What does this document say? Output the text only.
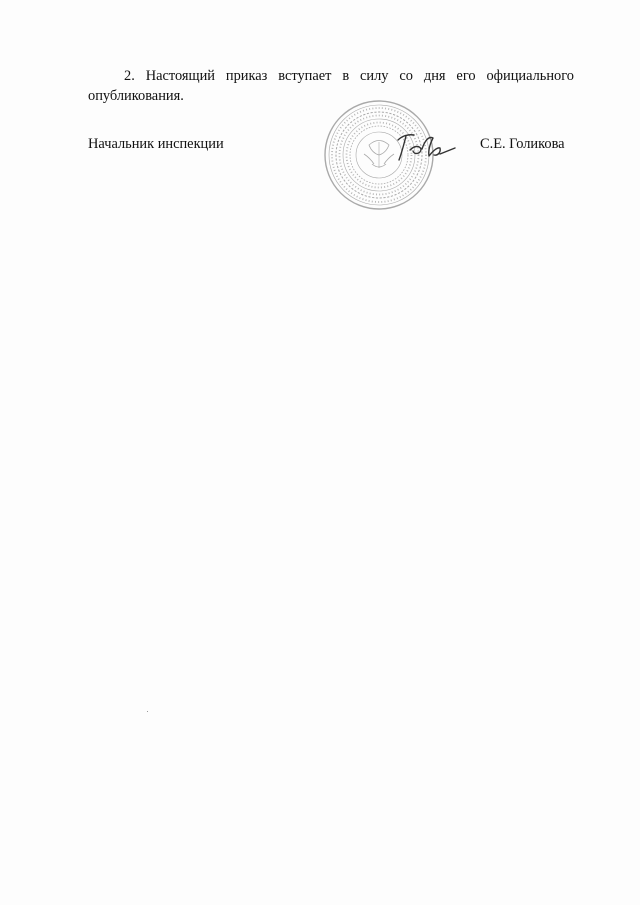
2. Настоящий приказ вступает в силу со дня его официального опубликования.

Начальник инспекции	С.Е. Голикова
